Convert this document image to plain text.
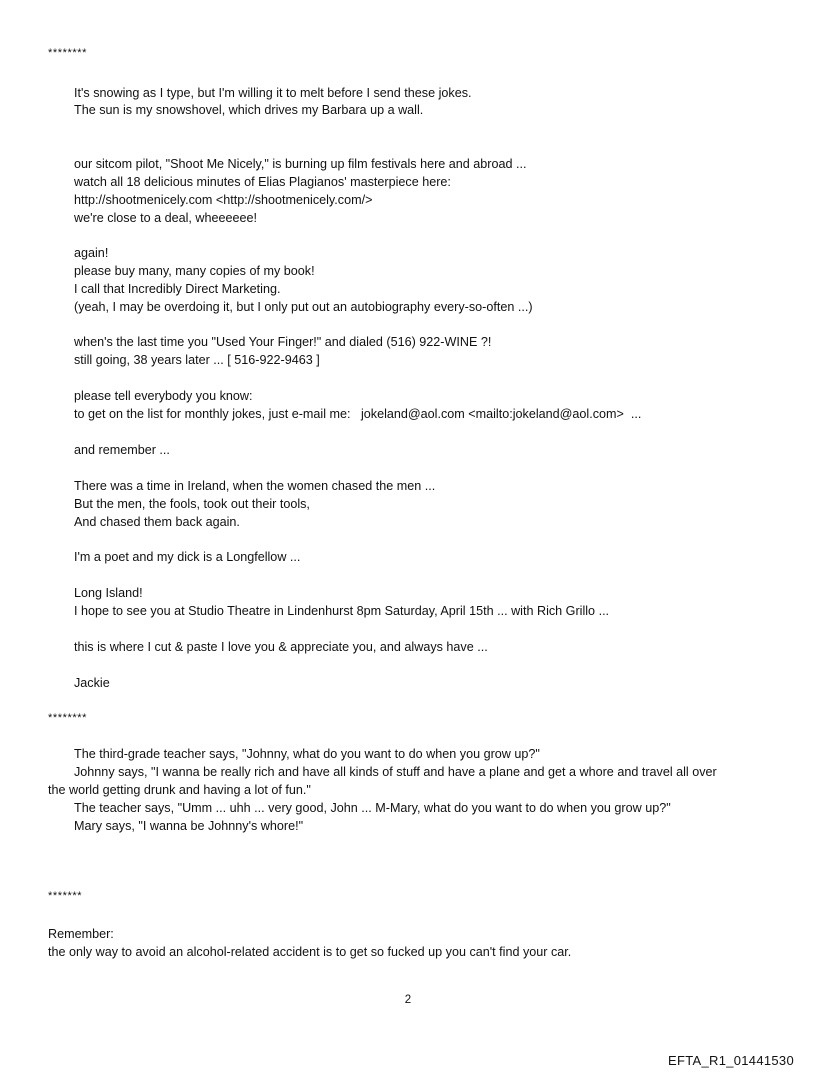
********
It's snowing as I type, but I'm willing it to melt before I send these jokes.
The sun is my snowshovel, which drives my Barbara up a wall.
our sitcom pilot, "Shoot Me Nicely," is burning up film festivals here and abroad ...
watch all 18 delicious minutes of Elias Plagianos' masterpiece here:
http://shootmenicely.com <http://shootmenicely.com/>
we're close to a deal, wheeeeee!
again!
please buy many, many copies of my book!
I call that Incredibly Direct Marketing.
(yeah, I may be overdoing it, but I only put out an autobiography every-so-often ...)
when's the last time you "Used Your Finger!" and dialed (516) 922-WINE ?!
still going, 38 years later ... [ 516-922-9463 ]
please tell everybody you know:
to get on the list for monthly jokes, just e-mail me:   jokeland@aol.com <mailto:jokeland@aol.com>  ...
and remember ...
There was a time in Ireland, when the women chased the men ...
But the men, the fools, took out their tools,
And chased them back again.
I'm a poet and my dick is a Longfellow ...
Long Island!
I hope to see you at Studio Theatre in Lindenhurst 8pm Saturday, April 15th ... with Rich Grillo ...
this is where I cut & paste I love you & appreciate you, and always have ...
Jackie
********
The third-grade teacher says, "Johnny, what do you want to do when you grow up?"
Johnny says, "I wanna be really rich and have all kinds of stuff and have a plane and get a whore and travel all over
the world getting drunk and having a lot of fun."
The teacher says, "Umm ... uhh ... very good, John ... M-Mary, what do you want to do when you grow up?"
Mary says, "I wanna be Johnny's whore!"
*******
Remember:
the only way to avoid an alcohol-related accident is to get so fucked up you can't find your car.
2
EFTA_R1_01441530
